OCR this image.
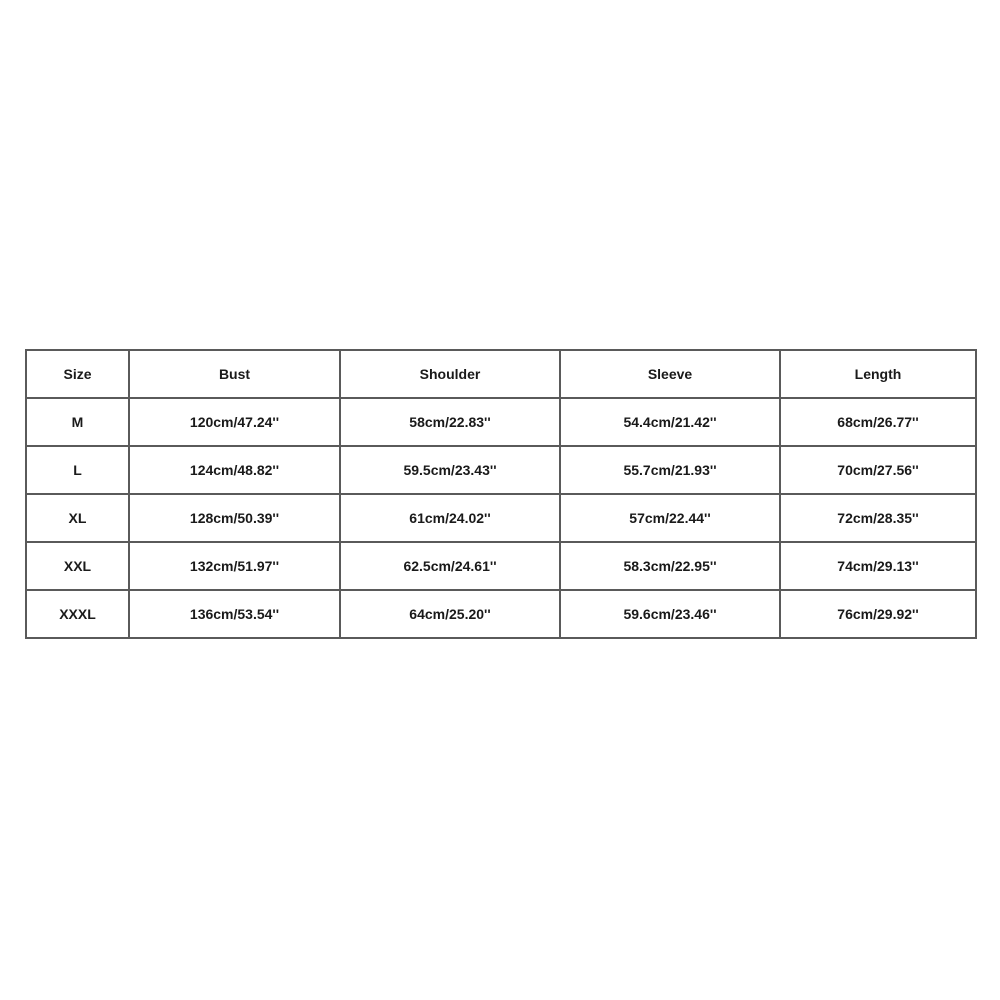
Size	Bust	Shoulder	Sleeve	Length
M	120cm/47.24''	58cm/22.83''	54.4cm/21.42''	68cm/26.77''
L	124cm/48.82''	59.5cm/23.43''	55.7cm/21.93''	70cm/27.56''
XL	128cm/50.39''	61cm/24.02''	57cm/22.44''	72cm/28.35''
XXL	132cm/51.97''	62.5cm/24.61''	58.3cm/22.95''	74cm/29.13''
XXXL	136cm/53.54''	64cm/25.20''	59.6cm/23.46''	76cm/29.92''
